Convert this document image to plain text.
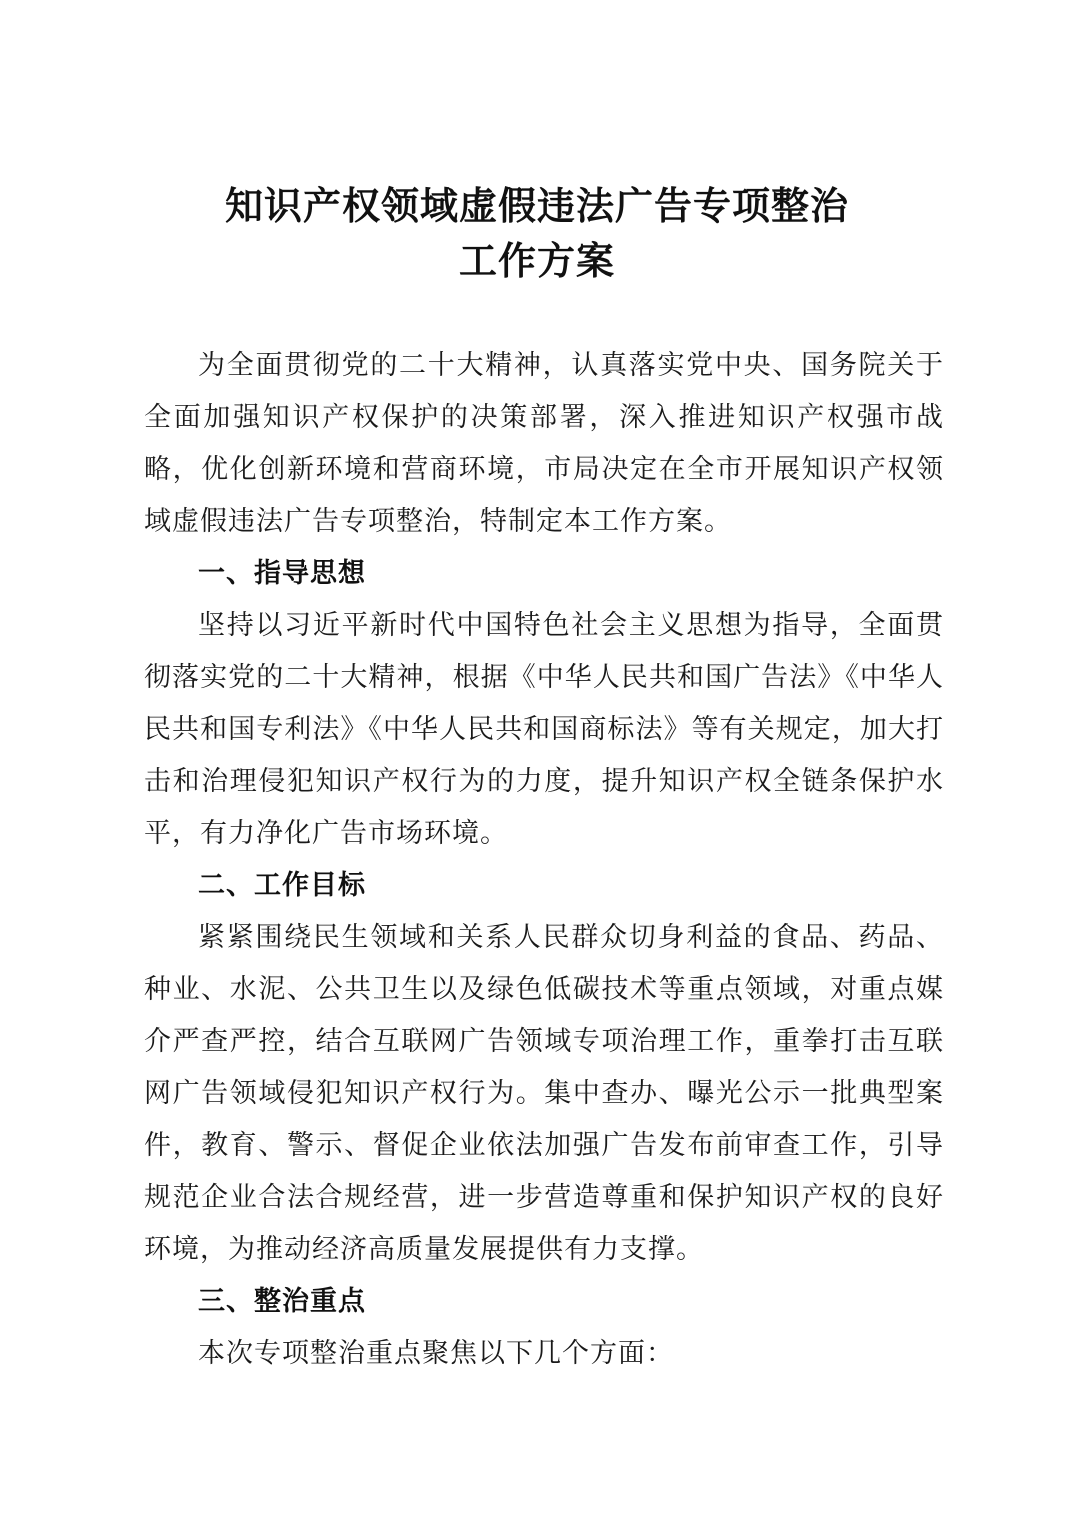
知识产权领域虚假违法广告专项整治
工作方案

为全面贯彻党的二十大精神，认真落实党中央、国务院关于全面加强知识产权保护的决策部署，深入推进知识产权强市战略，优化创新环境和营商环境，市局决定在全市开展知识产权领域虚假违法广告专项整治，特制定本工作方案。

一、指导思想

坚持以习近平新时代中国特色社会主义思想为指导，全面贯彻落实党的二十大精神，根据《中华人民共和国广告法》《中华人民共和国专利法》《中华人民共和国商标法》等有关规定，加大打击和治理侵犯知识产权行为的力度，提升知识产权全链条保护水平，有力净化广告市场环境。

二、工作目标

紧紧围绕民生领域和关系人民群众切身利益的食品、药品、种业、水泥、公共卫生以及绿色低碳技术等重点领域，对重点媒介严查严控，结合互联网广告领域专项治理工作，重拳打击互联网广告领域侵犯知识产权行为。集中查办、曝光公示一批典型案件，教育、警示、督促企业依法加强广告发布前审查工作，引导规范企业合法合规经营，进一步营造尊重和保护知识产权的良好环境，为推动经济高质量发展提供有力支撑。

三、整治重点

本次专项整治重点聚焦以下几个方面：
